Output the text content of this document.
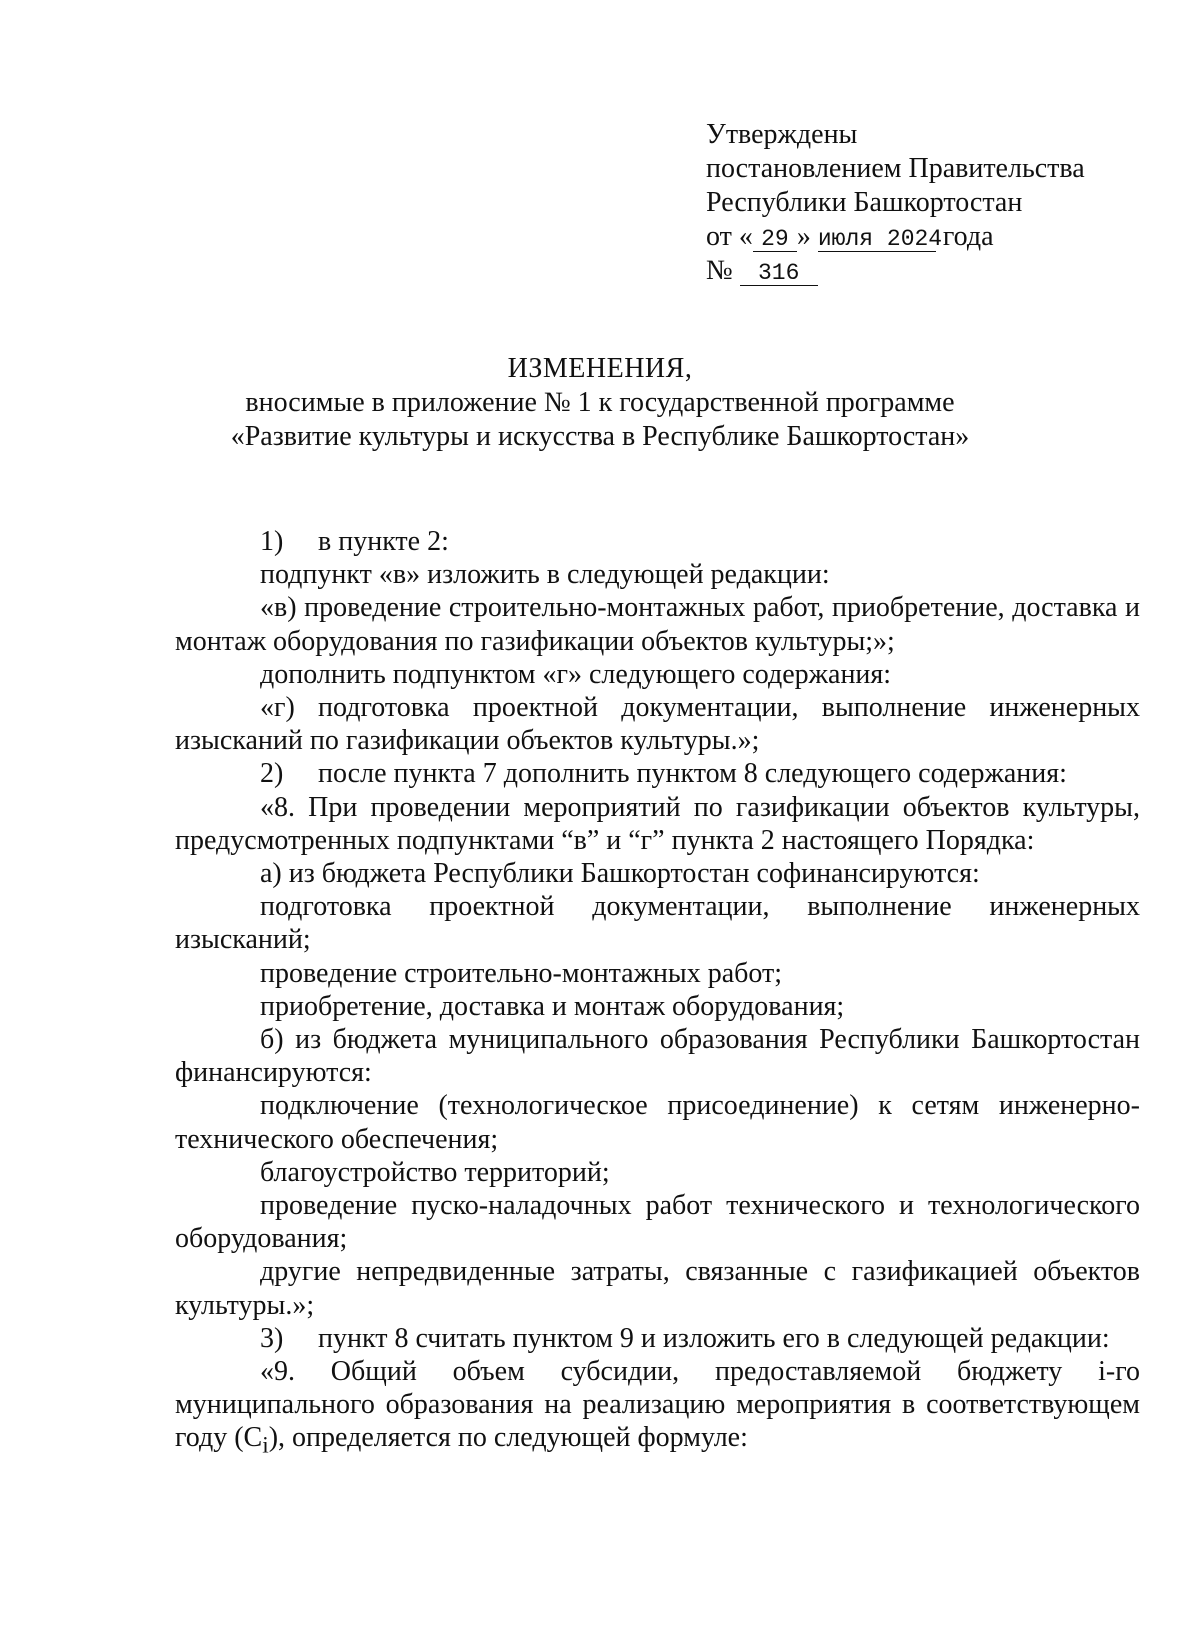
Утверждены
постановлением Правительства
Республики Башкортостан
от « 29 » июля 2024 года
№ 316
ИЗМЕНЕНИЯ,
вносимые в приложение № 1 к государственной программе
«Развитие культуры и искусства в Республике Башкортостан»

1) в пункте 2:

подпункт «в» изложить в следующей редакции:

«в) проведение строительно-монтажных работ, приобретение, доставка и монтаж оборудования по газификации объектов культуры;»;

дополнить подпунктом «г» следующего содержания:

«г) подготовка проектной документации, выполнение инженерных изысканий по газификации объектов культуры.»;

2) после пункта 7 дополнить пунктом 8 следующего содержания:

«8. При проведении мероприятий по газификации объектов культуры, предусмотренных подпунктами “в” и “г” пункта 2 настоящего Порядка:

а) из бюджета Республики Башкортостан софинансируются:

подготовка проектной документации, выполнение инженерных изысканий;

проведение строительно-монтажных работ;

приобретение, доставка и монтаж оборудования;

б) из бюджета муниципального образования Республики Башкортостан финансируются:

подключение (технологическое присоединение) к сетям инженерно-технического обеспечения;

благоустройство территорий;

проведение пуско-наладочных работ технического и технологического оборудования;

другие непредвиденные затраты, связанные с газификацией объектов культуры.»;

3) пункт 8 считать пунктом 9 и изложить его в следующей редакции:

«9. Общий объем субсидии, предоставляемой бюджету i-го муниципального образования на реализацию мероприятия в соответствующем году $(C_i)$, определяется по следующей формуле:
